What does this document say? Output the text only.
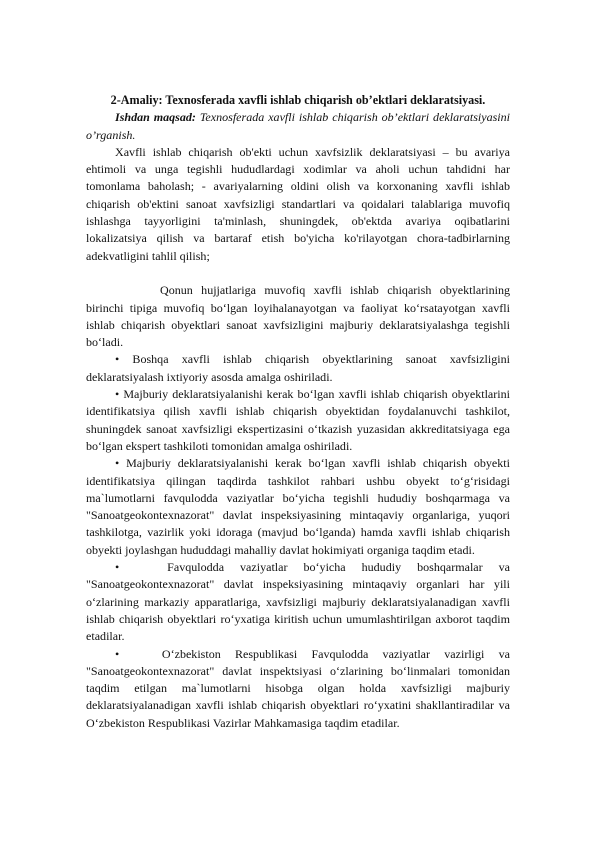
2-Amaliy: Texnosferada xavfli ishlab chiqarish ob’ektlari deklaratsiyasi.

Ishdan maqsad: Texnosferada xavfli ishlab chiqarish ob’ektlari deklaratsiyasini o’rganish.

Xavfli ishlab chiqarish ob'ekti uchun xavfsizlik deklaratsiyasi – bu avariya ehtimoli va unga tegishli hududlardagi xodimlar va aholi uchun tahdidni har tomonlama baholash; - avariyalarning oldini olish va korxonaning xavfli ishlab chiqarish ob'ektini sanoat xavfsizligi standartlari va qoidalari talablariga muvofiq ishlashga tayyorligini ta'minlash, shuningdek, ob'ektda avariya oqibatlarini lokalizatsiya qilish va bartaraf etish bo'yicha ko'rilayotgan chora-tadbirlarning adekvatligini tahlil qilish;

Qonun hujjatlariga muvofiq xavfli ishlab chiqarish obyektlarining birinchi tipiga muvofiq bo‘lgan loyihalanayotgan va faoliyat ko‘rsatayotgan xavfli ishlab chiqarish obyektlari sanoat xavfsizligini majburiy deklaratsiyalashga tegishli bo‘ladi.

• Boshqa xavfli ishlab chiqarish obyektlarining sanoat xavfsizligini deklaratsiyalash ixtiyoriy asosda amalga oshiriladi.

• Majburiy deklaratsiyalanishi kerak bo‘lgan xavfli ishlab chiqarish obyektlarini identifikatsiya qilish xavfli ishlab chiqarish obyektidan foydalanuvchi tashkilot, shuningdek sanoat xavfsizligi ekspertizasini o‘tkazish yuzasidan akkreditatsiyaga ega bo‘lgan ekspert tashkiloti tomonidan amalga oshiriladi.

• Majburiy deklaratsiyalanishi kerak bo‘lgan xavfli ishlab chiqarish obyekti identifikatsiya qilingan taqdirda tashkilot rahbari ushbu obyekt to‘g‘risidagi ma`lumotlarni favqulodda vaziyatlar bo‘yicha tegishli hududiy boshqarmaga va "Sanoatgeokontexnazorat" davlat inspeksiyasining mintaqaviy organlariga, yuqori tashkilotga, vazirlik yoki idoraga (mavjud bo‘lganda) hamda xavfli ishlab chiqarish obyekti joylashgan hududdagi mahalliy davlat hokimiyati organiga taqdim etadi.

•   Favqulodda vaziyatlar bo‘yicha hududiy boshqarmalar va "Sanoatgeokontexnazorat" davlat inspeksiyasining mintaqaviy organlari har yili o‘zlarining markaziy apparatlariga, xavfsizligi majburiy deklaratsiyalanadigan xavfli ishlab chiqarish obyektlari ro‘yxatiga kiritish uchun umumlashtirilgan axborot taqdim etadilar.

•   O‘zbekiston Respublikasi Favqulodda vaziyatlar vazirligi va "Sanoatgeokontexnazorat" davlat inspektsiyasi o‘zlarining bo‘linmalari tomonidan taqdim etilgan ma`lumotlarni hisobga olgan holda xavfsizligi majburiy deklaratsiyalanadigan xavfli ishlab chiqarish obyektlari ro‘yxatini shakllantiradilar va O‘zbekiston Respublikasi Vazirlar Mahkamasiga taqdim etadilar.
